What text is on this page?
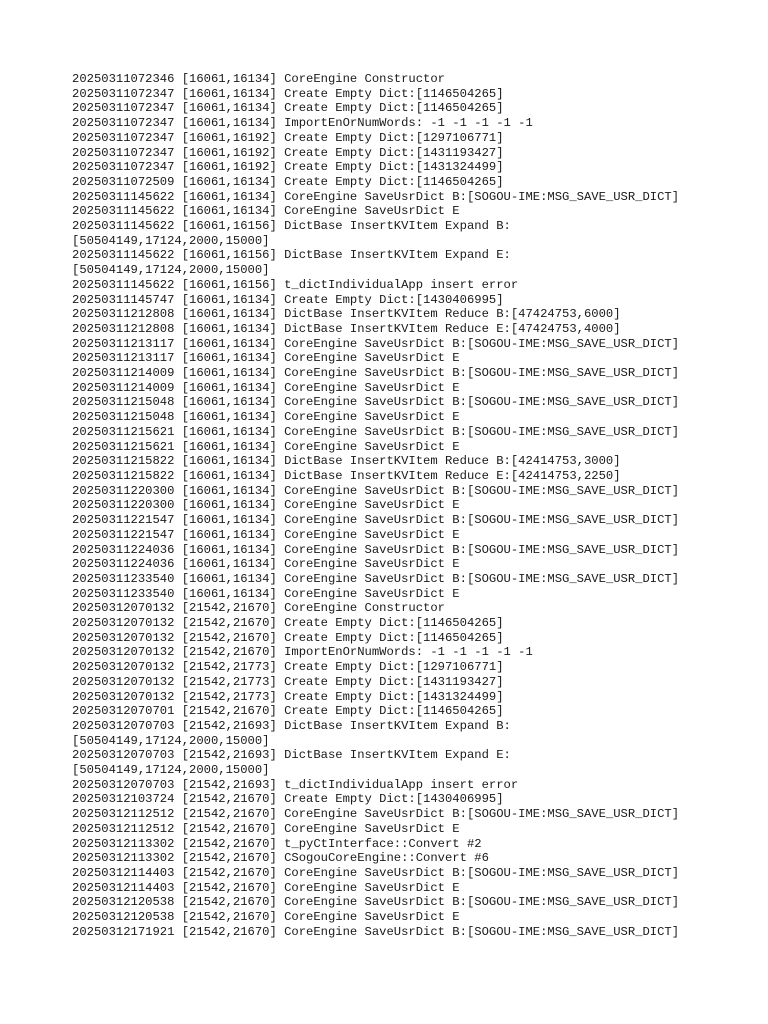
20250311072346 [16061,16134] CoreEngine Constructor
20250311072347 [16061,16134] Create Empty Dict:[1146504265]
20250311072347 [16061,16134] Create Empty Dict:[1146504265]
20250311072347 [16061,16134] ImportEnOrNumWords: -1 -1 -1 -1 -1
20250311072347 [16061,16192] Create Empty Dict:[1297106771]
20250311072347 [16061,16192] Create Empty Dict:[1431193427]
20250311072347 [16061,16192] Create Empty Dict:[1431324499]
20250311072509 [16061,16134] Create Empty Dict:[1146504265]
20250311145622 [16061,16134] CoreEngine SaveUsrDict B:[SOGOU-IME:MSG_SAVE_USR_DICT]
20250311145622 [16061,16134] CoreEngine SaveUsrDict E
20250311145622 [16061,16156] DictBase InsertKVItem Expand B:
[50504149,17124,2000,15000]
20250311145622 [16061,16156] DictBase InsertKVItem Expand E:
[50504149,17124,2000,15000]
20250311145622 [16061,16156] t_dictIndividualApp insert error
20250311145747 [16061,16134] Create Empty Dict:[1430406995]
20250311212808 [16061,16134] DictBase InsertKVItem Reduce B:[47424753,6000]
20250311212808 [16061,16134] DictBase InsertKVItem Reduce E:[47424753,4000]
20250311213117 [16061,16134] CoreEngine SaveUsrDict B:[SOGOU-IME:MSG_SAVE_USR_DICT]
20250311213117 [16061,16134] CoreEngine SaveUsrDict E
20250311214009 [16061,16134] CoreEngine SaveUsrDict B:[SOGOU-IME:MSG_SAVE_USR_DICT]
20250311214009 [16061,16134] CoreEngine SaveUsrDict E
20250311215048 [16061,16134] CoreEngine SaveUsrDict B:[SOGOU-IME:MSG_SAVE_USR_DICT]
20250311215048 [16061,16134] CoreEngine SaveUsrDict E
20250311215621 [16061,16134] CoreEngine SaveUsrDict B:[SOGOU-IME:MSG_SAVE_USR_DICT]
20250311215621 [16061,16134] CoreEngine SaveUsrDict E
20250311215822 [16061,16134] DictBase InsertKVItem Reduce B:[42414753,3000]
20250311215822 [16061,16134] DictBase InsertKVItem Reduce E:[42414753,2250]
20250311220300 [16061,16134] CoreEngine SaveUsrDict B:[SOGOU-IME:MSG_SAVE_USR_DICT]
20250311220300 [16061,16134] CoreEngine SaveUsrDict E
20250311221547 [16061,16134] CoreEngine SaveUsrDict B:[SOGOU-IME:MSG_SAVE_USR_DICT]
20250311221547 [16061,16134] CoreEngine SaveUsrDict E
20250311224036 [16061,16134] CoreEngine SaveUsrDict B:[SOGOU-IME:MSG_SAVE_USR_DICT]
20250311224036 [16061,16134] CoreEngine SaveUsrDict E
20250311233540 [16061,16134] CoreEngine SaveUsrDict B:[SOGOU-IME:MSG_SAVE_USR_DICT]
20250311233540 [16061,16134] CoreEngine SaveUsrDict E
20250312070132 [21542,21670] CoreEngine Constructor
20250312070132 [21542,21670] Create Empty Dict:[1146504265]
20250312070132 [21542,21670] Create Empty Dict:[1146504265]
20250312070132 [21542,21670] ImportEnOrNumWords: -1 -1 -1 -1 -1
20250312070132 [21542,21773] Create Empty Dict:[1297106771]
20250312070132 [21542,21773] Create Empty Dict:[1431193427]
20250312070132 [21542,21773] Create Empty Dict:[1431324499]
20250312070701 [21542,21670] Create Empty Dict:[1146504265]
20250312070703 [21542,21693] DictBase InsertKVItem Expand B:
[50504149,17124,2000,15000]
20250312070703 [21542,21693] DictBase InsertKVItem Expand E:
[50504149,17124,2000,15000]
20250312070703 [21542,21693] t_dictIndividualApp insert error
20250312103724 [21542,21670] Create Empty Dict:[1430406995]
20250312112512 [21542,21670] CoreEngine SaveUsrDict B:[SOGOU-IME:MSG_SAVE_USR_DICT]
20250312112512 [21542,21670] CoreEngine SaveUsrDict E
20250312113302 [21542,21670] t_pyCtInterface::Convert #2
20250312113302 [21542,21670] CSogouCoreEngine::Convert #6
20250312114403 [21542,21670] CoreEngine SaveUsrDict B:[SOGOU-IME:MSG_SAVE_USR_DICT]
20250312114403 [21542,21670] CoreEngine SaveUsrDict E
20250312120538 [21542,21670] CoreEngine SaveUsrDict B:[SOGOU-IME:MSG_SAVE_USR_DICT]
20250312120538 [21542,21670] CoreEngine SaveUsrDict E
20250312171921 [21542,21670] CoreEngine SaveUsrDict B:[SOGOU-IME:MSG_SAVE_USR_DICT]
